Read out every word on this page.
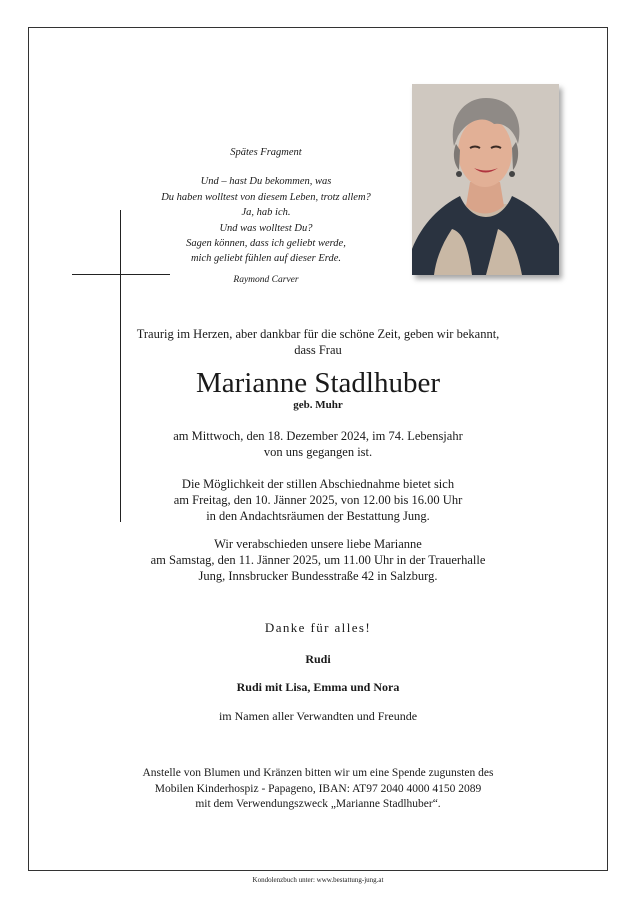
Spätes Fragment
Und – hast Du bekommen, was
Du haben wolltest von diesem Leben, trotz allem?
Ja, hab ich.
Und was wolltest Du?
Sagen können, dass ich geliebt werde,
mich geliebt fühlen auf dieser Erde.
Raymond Carver
Traurig im Herzen, aber dankbar für die schöne Zeit, geben wir bekannt,
dass Frau
Marianne Stadlhuber
geb. Muhr
am Mittwoch, den 18. Dezember 2024, im 74. Lebensjahr
von uns gegangen ist.
Die Möglichkeit der stillen Abschiednahme bietet sich
am Freitag, den 10. Jänner 2025, von 12.00 bis 16.00 Uhr
in den Andachtsräumen der Bestattung Jung.
Wir verabschieden unsere liebe Marianne
am Samstag, den 11. Jänner 2025, um 11.00 Uhr in der Trauerhalle
Jung, Innsbrucker Bundesstraße 42 in Salzburg.
Danke für alles!
Rudi
Rudi mit Lisa, Emma und Nora
im Namen aller Verwandten und Freunde
Anstelle von Blumen und Kränzen bitten wir um eine Spende zugunsten des
Mobilen Kinderhospiz - Papageno, IBAN: AT97 2040 4000 4150 2089
mit dem Verwendungszweck „Marianne Stadlhuber“.
Kondolenzbuch unter: www.bestattung-jung.at
